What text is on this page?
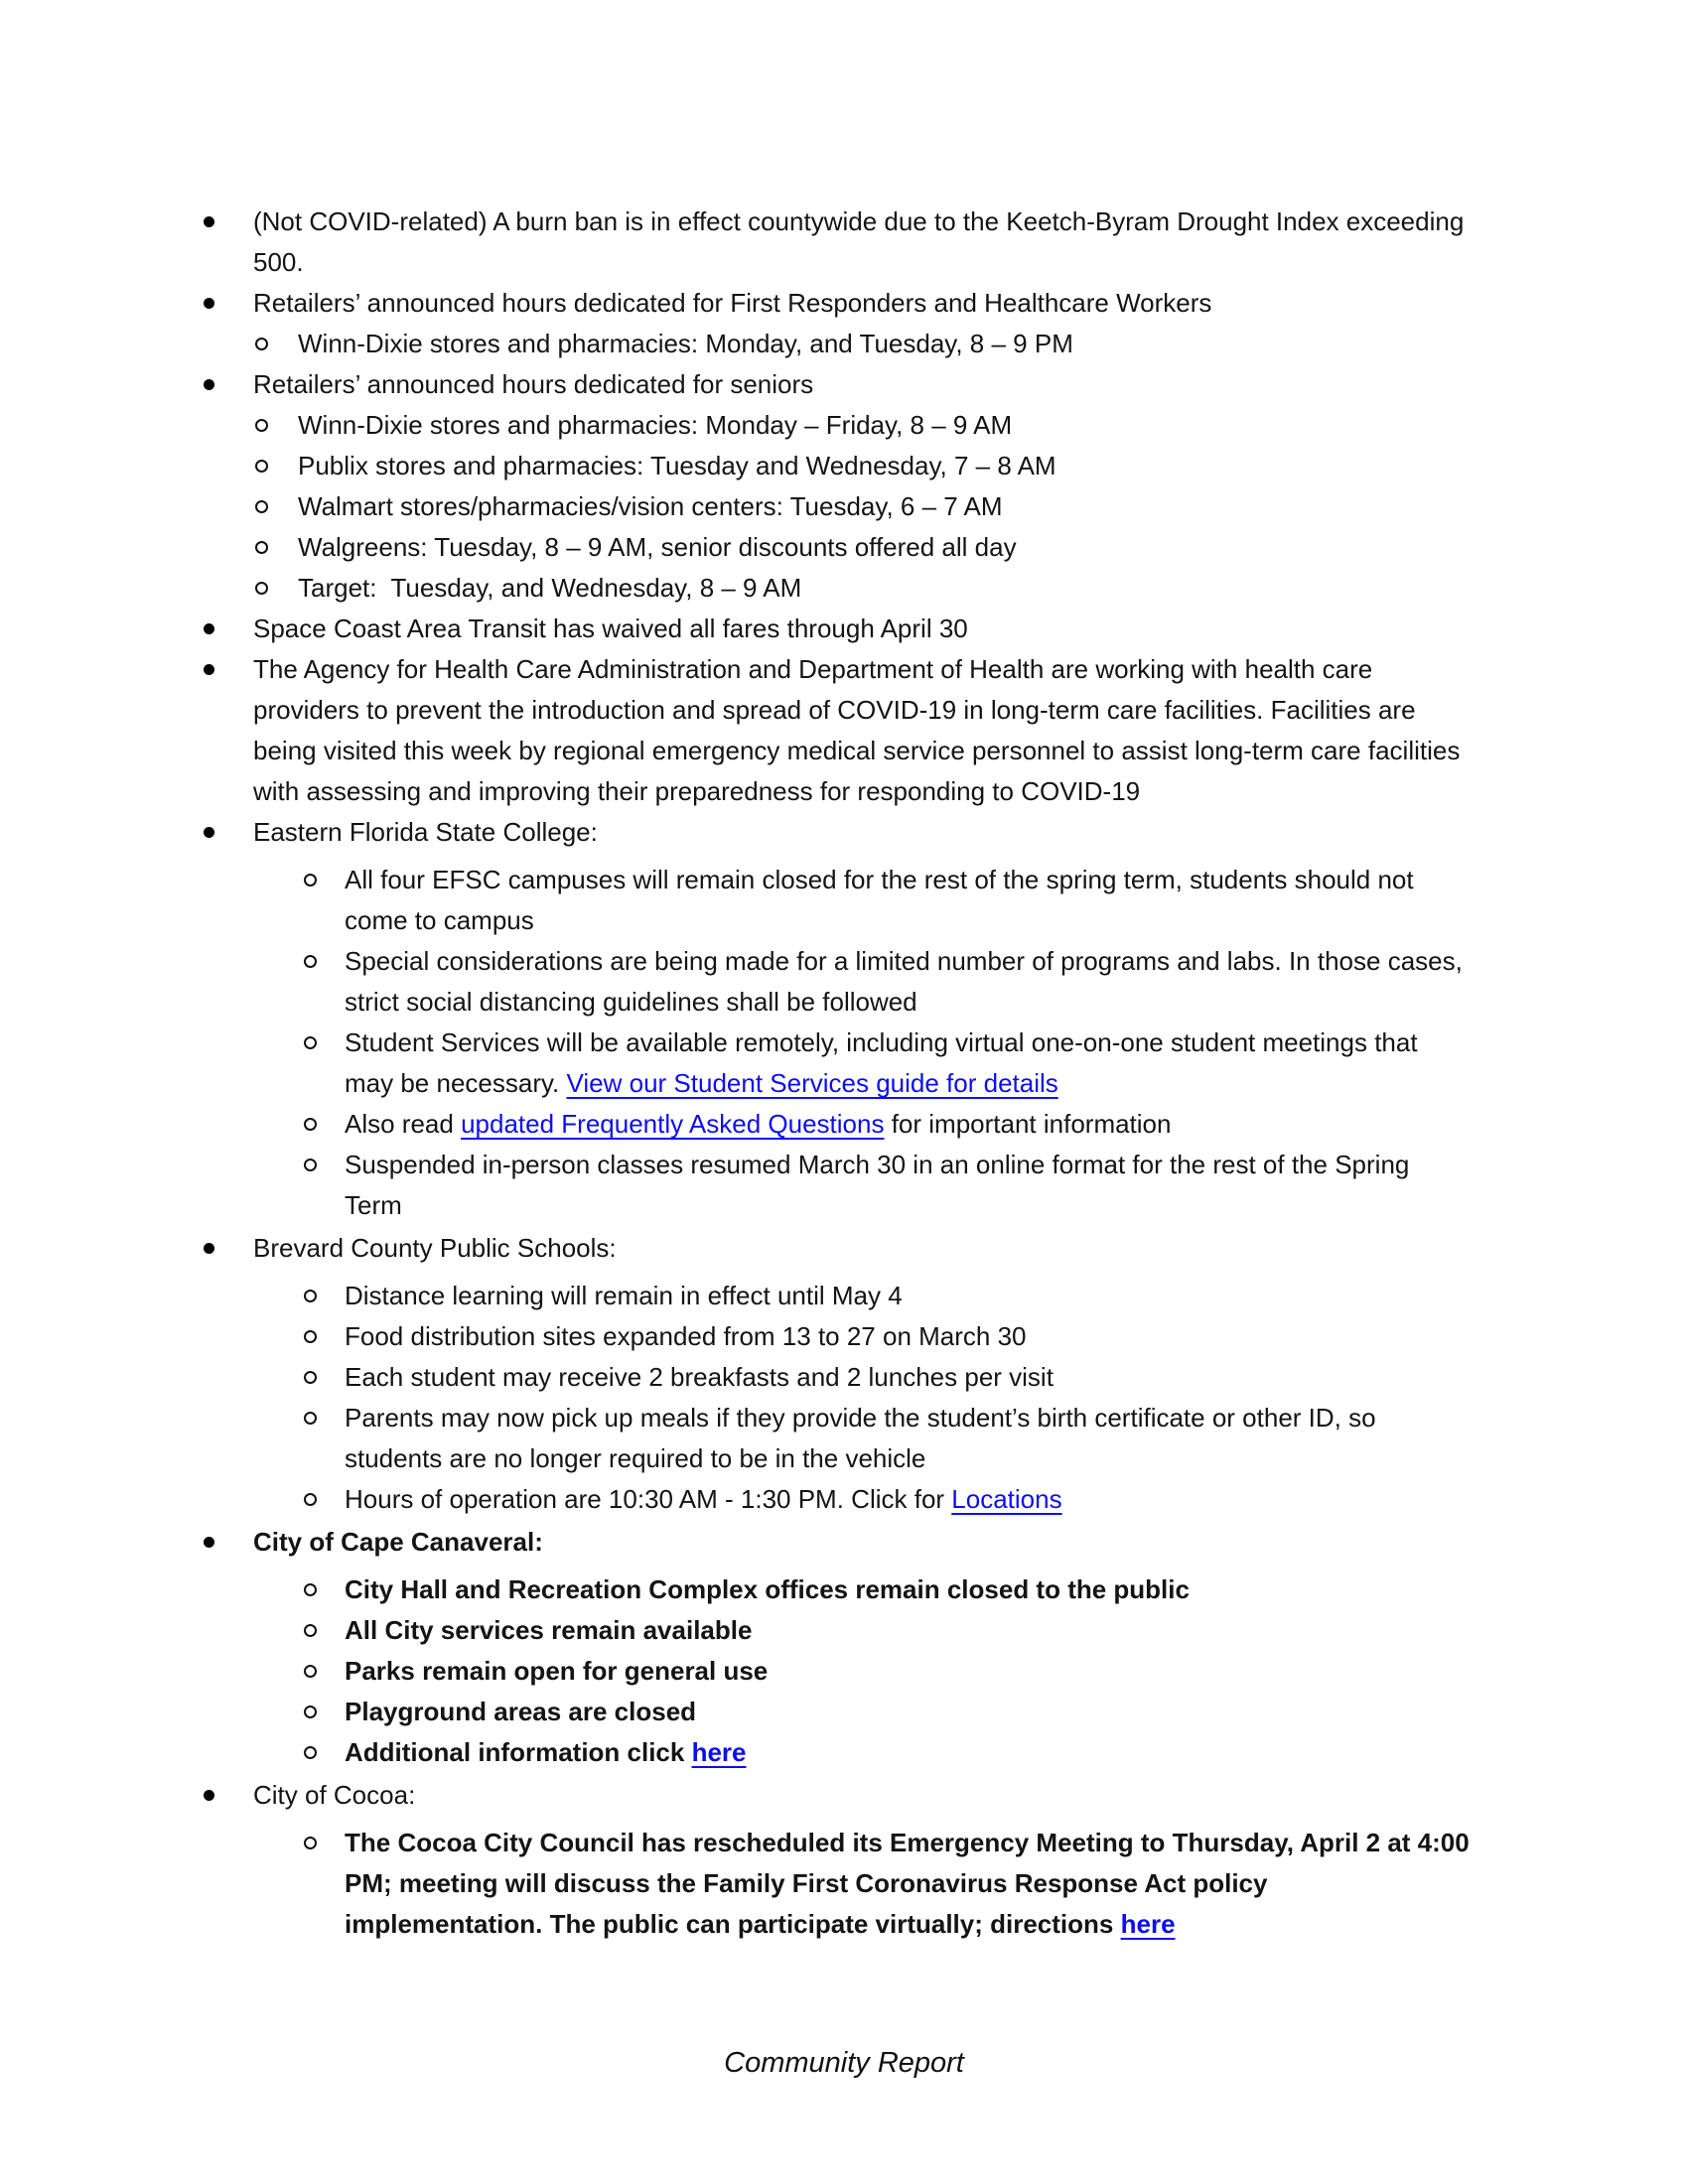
(Not COVID-related) A burn ban is in effect countywide due to the Keetch-Byram Drought Index exceeding 500.
Retailers’ announced hours dedicated for First Responders and Healthcare Workers
Winn-Dixie stores and pharmacies: Monday, and Tuesday, 8 – 9 PM
Retailers’ announced hours dedicated for seniors
Winn-Dixie stores and pharmacies: Monday – Friday, 8 – 9 AM
Publix stores and pharmacies: Tuesday and Wednesday, 7 – 8 AM
Walmart stores/pharmacies/vision centers: Tuesday, 6 – 7 AM
Walgreens: Tuesday, 8 – 9 AM, senior discounts offered all day
Target:  Tuesday, and Wednesday, 8 – 9 AM
Space Coast Area Transit has waived all fares through April 30
The Agency for Health Care Administration and Department of Health are working with health care providers to prevent the introduction and spread of COVID-19 in long-term care facilities. Facilities are being visited this week by regional emergency medical service personnel to assist long-term care facilities with assessing and improving their preparedness for responding to COVID-19
Eastern Florida State College:
All four EFSC campuses will remain closed for the rest of the spring term, students should not come to campus
Special considerations are being made for a limited number of programs and labs. In those cases, strict social distancing guidelines shall be followed
Student Services will be available remotely, including virtual one-on-one student meetings that may be necessary. View our Student Services guide for details
Also read updated Frequently Asked Questions for important information
Suspended in-person classes resumed March 30 in an online format for the rest of the Spring Term
Brevard County Public Schools:
Distance learning will remain in effect until May 4
Food distribution sites expanded from 13 to 27 on March 30
Each student may receive 2 breakfasts and 2 lunches per visit
Parents may now pick up meals if they provide the student’s birth certificate or other ID, so students are no longer required to be in the vehicle
Hours of operation are 10:30 AM - 1:30 PM. Click for Locations
City of Cape Canaveral:
City Hall and Recreation Complex offices remain closed to the public
All City services remain available
Parks remain open for general use
Playground areas are closed
Additional information click here
City of Cocoa:
The Cocoa City Council has rescheduled its Emergency Meeting to Thursday, April 2 at 4:00 PM; meeting will discuss the Family First Coronavirus Response Act policy implementation. The public can participate virtually; directions here
Community Report
